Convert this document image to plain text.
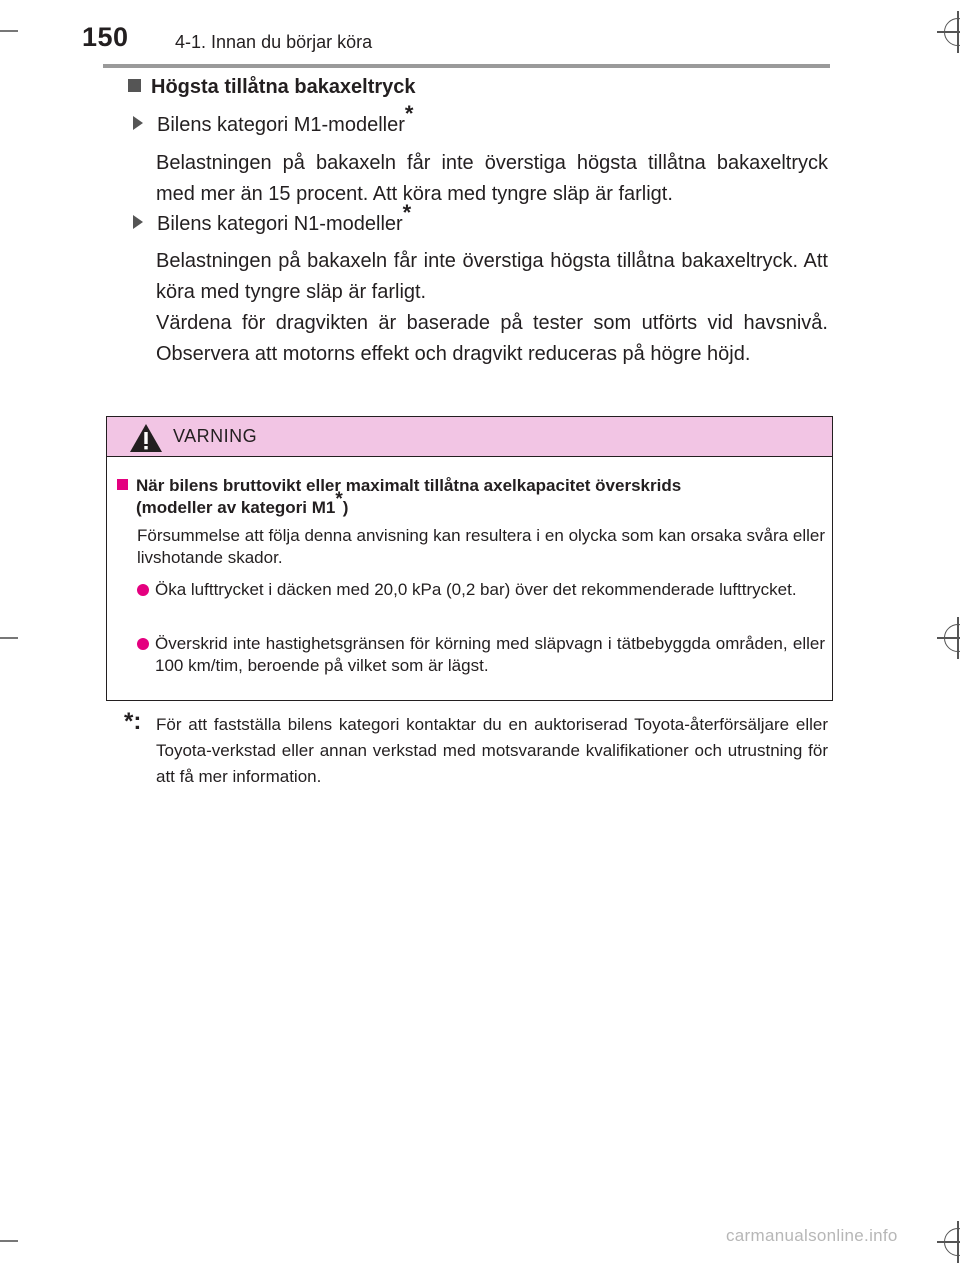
150	4-1. Innan du börjar köra
Högsta tillåtna bakaxeltryck
Bilens kategori M1-modeller*
Belastningen på bakaxeln får inte överstiga högsta tillåtna bakaxeltryck med mer än 15 procent. Att köra med tyngre släp är farligt.
Bilens kategori N1-modeller*
Belastningen på bakaxeln får inte överstiga högsta tillåtna bakaxeltryck. Att köra med tyngre släp är farligt.
Värdena för dragvikten är baserade på tester som utförts vid havsnivå. Observera att motorns effekt och dragvikt reduceras på högre höjd.
VARNING
När bilens bruttovikt eller maximalt tillåtna axelkapacitet överskrids
(modeller av kategori M1*)
Försummelse att följa denna anvisning kan resultera i en olycka som kan orsaka svåra eller livshotande skador.
Öka lufttrycket i däcken med 20,0 kPa (0,2 bar) över det rekommenderade lufttrycket.
Överskrid inte hastighetsgränsen för körning med släpvagn i tätbebyggda områden, eller 100 km/tim, beroende på vilket som är lägst.
*: För att fastställa bilens kategori kontaktar du en auktoriserad Toyota-återförsäljare eller Toyota-verkstad eller annan verkstad med motsvarande kvalifikationer och utrustning för att få mer information.
carmanualsonline.info
